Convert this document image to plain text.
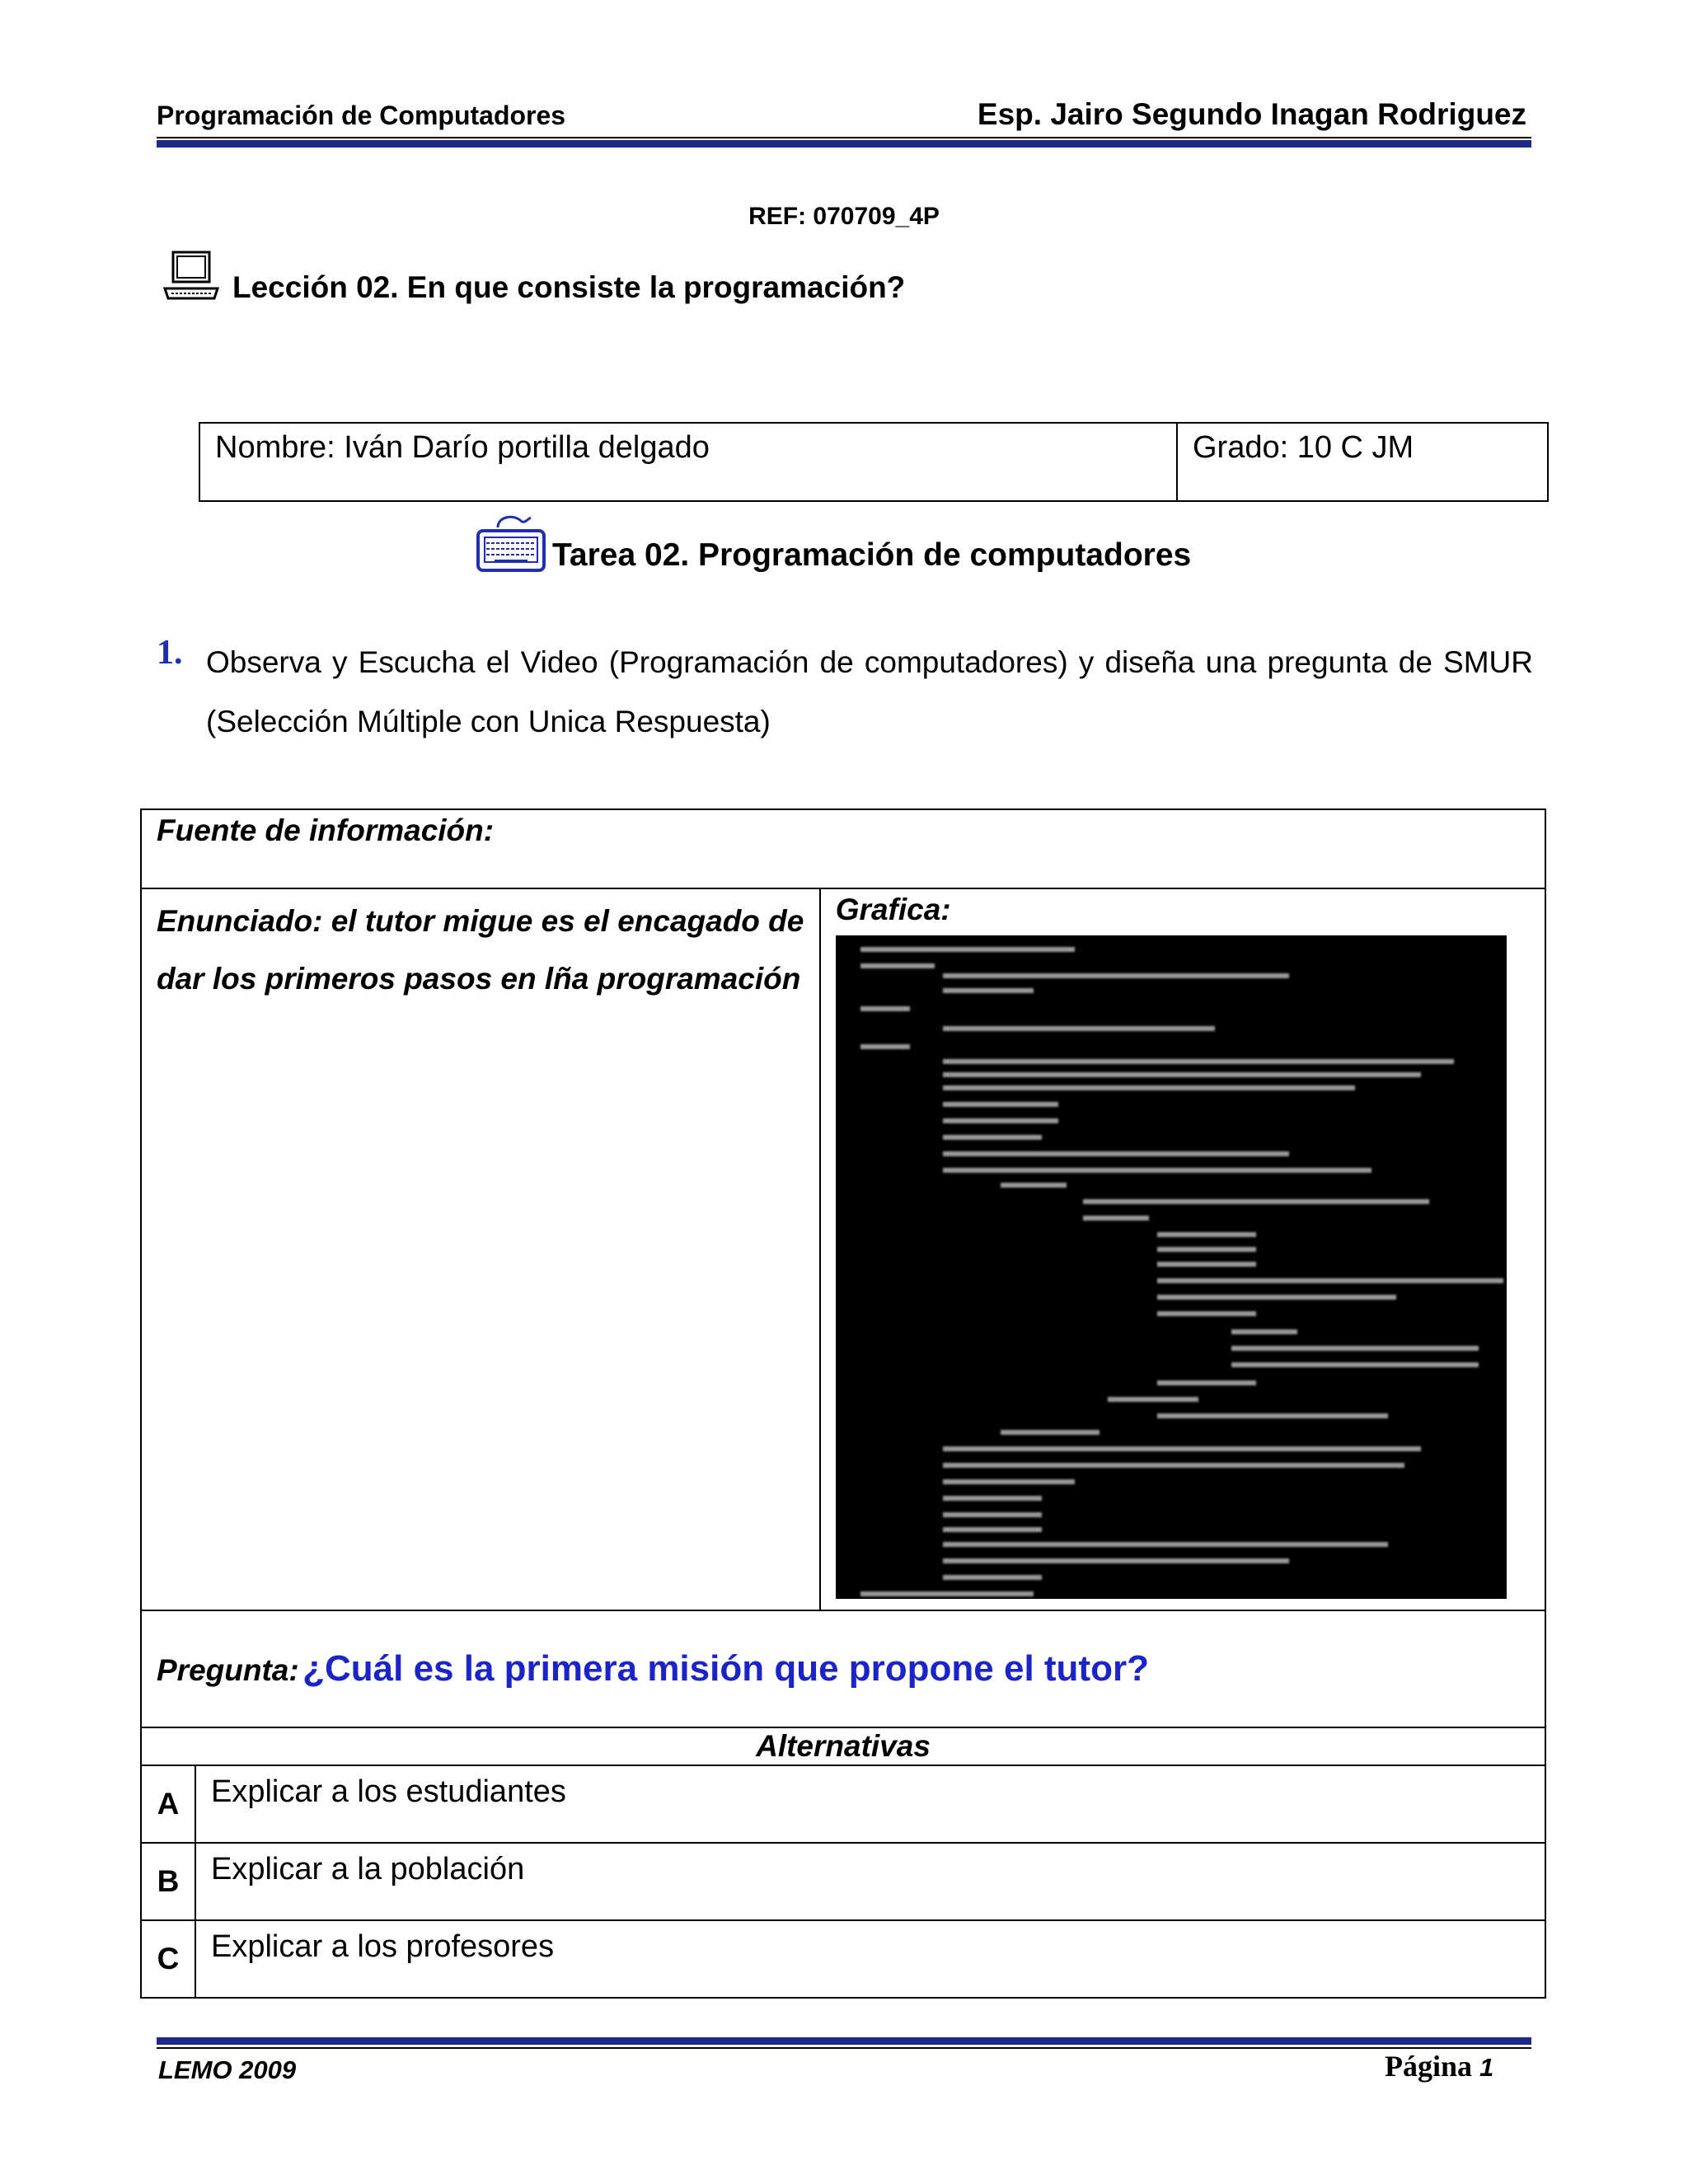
Programación de Computadores	Esp. Jairo Segundo Inagan Rodriguez
REF: 070709_4P
Lección 02. En que consiste la programación?
Nombre: Iván Darío portilla delgado	Grado: 10 C JM
Tarea 02. Programación de computadores
1. Observa y Escucha el Video (Programación de computadores) y diseña una pregunta de SMUR (Selección Múltiple con Unica Respuesta)
Fuente de información:		

Enunciado: el tutor migue es el encagado de dar los primeros pasos en lña programación		Grafica:

Pregunta: ¿Cuál es la primera misión que propone el tutor?		
Alternativas		
A	Explicar a los estudiantes	
B	Explicar a la población	
C	Explicar a los profesores	
LEMO 2009	Página 1
